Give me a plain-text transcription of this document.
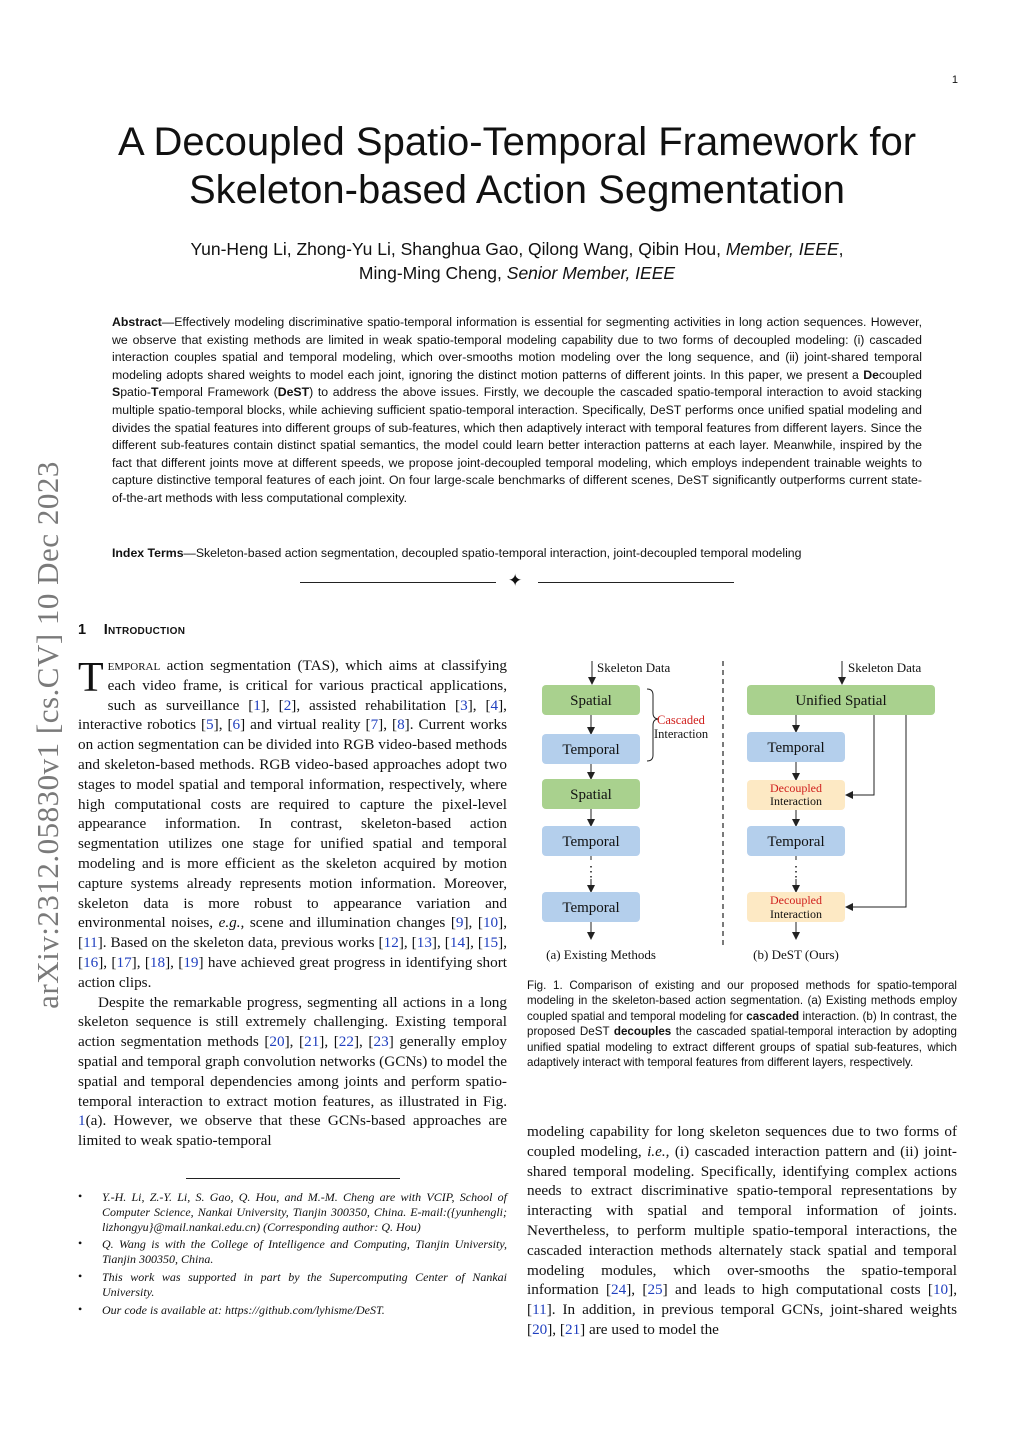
1
arXiv:2312.05830v1 [cs.CV] 10 Dec 2023
A Decoupled Spatio-Temporal Framework for
Skeleton-based Action Segmentation
Yun-Heng Li, Zhong-Yu Li, Shanghua Gao, Qilong Wang, Qibin Hou, Member, IEEE,
Ming-Ming Cheng, Senior Member, IEEE
Abstract—Effectively modeling discriminative spatio-temporal information is essential for segmenting activities in long action sequences. However, we observe that existing methods are limited in weak spatio-temporal modeling capability due to two forms of decoupled modeling: (i) cascaded interaction couples spatial and temporal modeling, which over-smooths motion modeling over the long sequence, and (ii) joint-shared temporal modeling adopts shared weights to model each joint, ignoring the distinct motion patterns of different joints. In this paper, we present a Decoupled Spatio-Temporal Framework (DeST) to address the above issues. Firstly, we decouple the cascaded spatio-temporal interaction to avoid stacking multiple spatio-temporal blocks, while achieving sufficient spatio-temporal interaction. Specifically, DeST performs once unified spatial modeling and divides the spatial features into different groups of sub-features, which then adaptively interact with temporal features from different layers. Since the different sub-features contain distinct spatial semantics, the model could learn better interaction patterns at each layer. Meanwhile, inspired by the fact that different joints move at different speeds, we propose joint-decoupled temporal modeling, which employs independent trainable weights to capture distinctive temporal features of each joint. On four large-scale benchmarks of different scenes, DeST significantly outperforms current state-of-the-art methods with less computational complexity.
Index Terms—Skeleton-based action segmentation, decoupled spatio-temporal interaction, joint-decoupled temporal modeling
✦
1 Introduction

Temporal action segmentation (TAS), which aims at classifying each video frame, is critical for various practical applications, such as surveillance [1], [2], assisted rehabilitation [3], [4], interactive robotics [5], [6] and virtual reality [7], [8]. Current works on action segmentation can be divided into RGB video-based methods and skeleton-based methods. RGB video-based approaches adopt two stages to model spatial and temporal information, respectively, where high computational costs are required to capture the pixel-level appearance information. In contrast, skeleton-based action segmentation utilizes one stage for unified spatial and temporal modeling and is more efficient as the skeleton acquired by motion capture systems already represents motion information. Moreover, skeleton data is more robust to appearance variation and environmental noises, e.g., scene and illumination changes [9], [10], [11]. Based on the skeleton data, previous works [12], [13], [14], [15], [16], [17], [18], [19] have achieved great progress in identifying short action clips.

Despite the remarkable progress, segmenting all actions in a long skeleton sequence is still extremely challenging. Existing temporal action segmentation methods [20], [21], [22], [23] generally employ spatial and temporal graph convolution networks (GCNs) to model the spatial and temporal dependencies among joints and perform spatio-temporal interaction to extract motion features, as illustrated in Fig. 1(a). However, we observe that these GCNs-based approaches are limited to weak spatio-temporal

• Y.-H. Li, Z.-Y. Li, S. Gao, Q. Hou, and M.-M. Cheng are with VCIP, School of Computer Science, Nankai University, Tianjin 300350, China. E-mail:({yunhengli; lizhongyu}@mail.nankai.edu.cn) (Corresponding author: Q. Hou)
• Q. Wang is with the College of Intelligence and Computing, Tianjin University, Tianjin 300350, China.
• This work was supported in part by the Supercomputing Center of Nankai University.
• Our code is available at: https://github.com/lyhisme/DeST.
Skeleton Data
Spatial
Temporal
Spatial
Temporal
⋮
Temporal
(a) Existing Methods
Cascaded
Interaction
Skeleton Data
Unified Spatial
Temporal
Decoupled
Interaction
Temporal
⋮
Decoupled
Interaction
(b) DeST (Ours)
Fig. 1. Comparison of existing and our proposed methods for spatio-temporal modeling in the skeleton-based action segmentation. (a) Existing methods employ coupled spatial and temporal modeling for cascaded interaction. (b) In contrast, the proposed DeST decouples the cascaded spatial-temporal interaction by adopting unified spatial modeling to extract different groups of spatial sub-features, which adaptively interact with temporal features from different layers, respectively.

modeling capability for long skeleton sequences due to two forms of coupled modeling, i.e., (i) cascaded interaction pattern and (ii) joint-shared temporal modeling. Specifically, identifying complex actions needs to extract discriminative spatio-temporal representations by interacting with spatial and temporal information of joints. Nevertheless, to perform multiple spatio-temporal interactions, the cascaded interaction methods alternately stack spatial and temporal modeling modules, which over-smooths the spatio-temporal information [24], [25] and leads to high computational costs [10], [11]. In addition, in previous temporal GCNs, joint-shared weights [20], [21] are used to model the
